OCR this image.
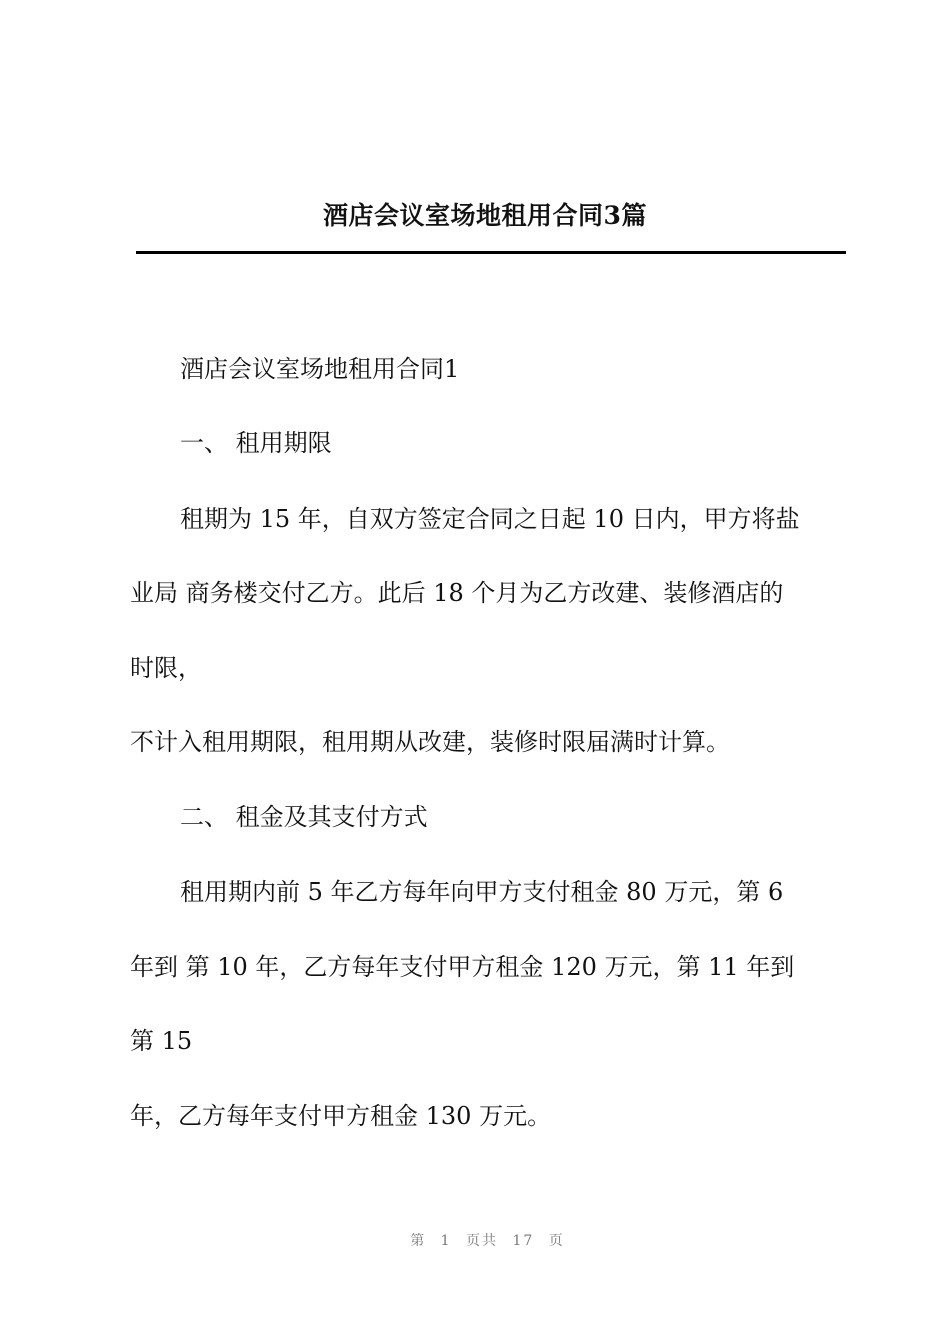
酒店会议室场地租用合同3篇

酒店会议室场地租用合同1

一、 租用期限

租期为 15 年，自双方签定合同之日起 10 日内，甲方将盐

业局 商务楼交付乙方。此后 18 个月为乙方改建、装修酒店的

时限，

不计入租用期限，租用期从改建，装修时限届满时计算。

二、 租金及其支付方式

租用期内前 5 年乙方每年向甲方支付租金 80 万元，第 6

年到 第 10 年，乙方每年支付甲方租金 120 万元，第 11 年到

第 15

年，乙方每年支付甲方租金 130 万元。

第 1 页共 17 页
